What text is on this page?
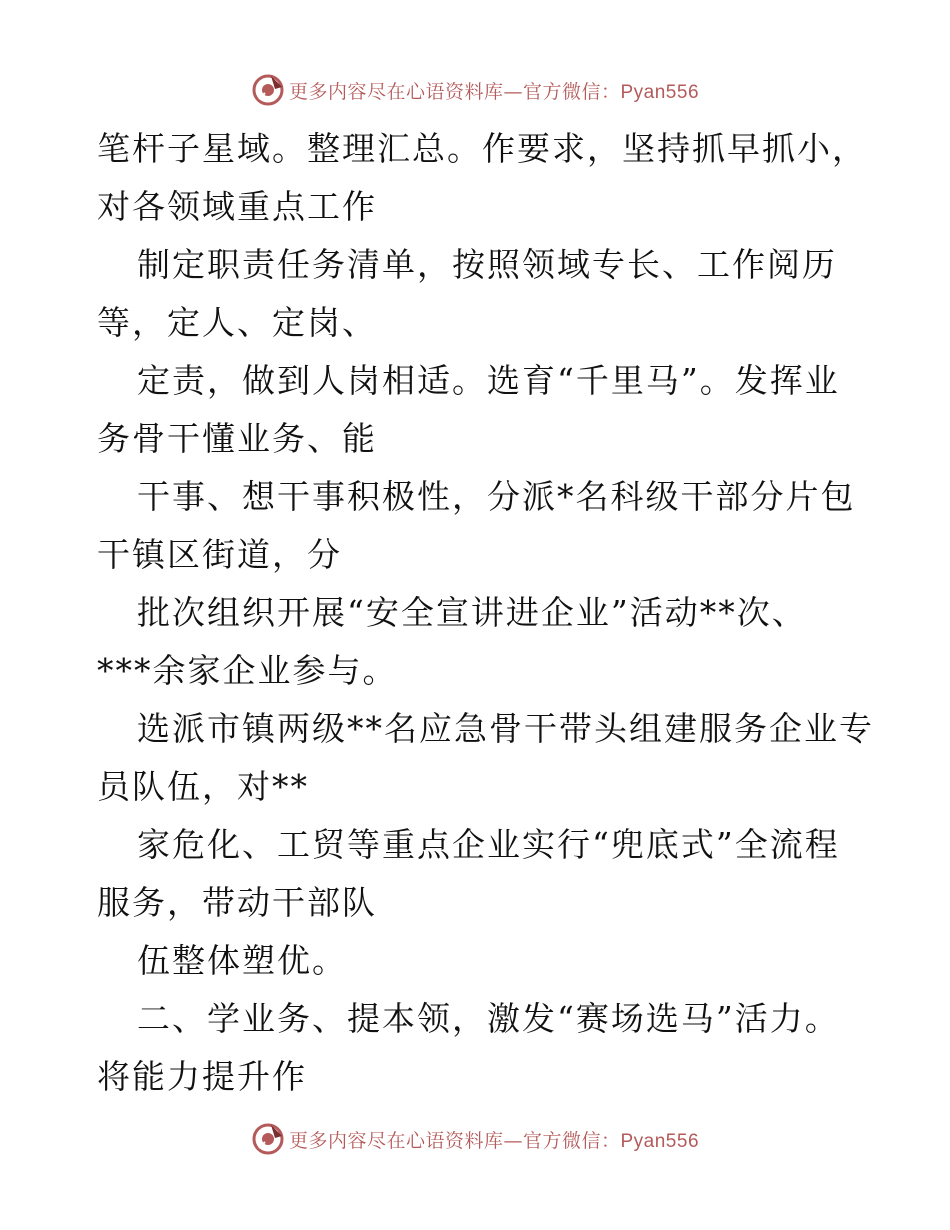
更多内容尽在心语资料库—官方微信：Pyan556
笔杆子星域。整理汇总。作要求，坚持抓早抓小，
对各领域重点工作
制定职责任务清单，按照领域专长、工作阅历
等，定人、定岗、
定责，做到人岗相适。选育“千里马”。发挥业
务骨干懂业务、能
干事、想干事积极性，分派*名科级干部分片包
干镇区街道，分
批次组织开展“安全宣讲进企业”活动**次、
***余家企业参与。
选派市镇两级**名应急骨干带头组建服务企业专
员队伍，对**
家危化、工贸等重点企业实行“兜底式”全流程
服务，带动干部队
伍整体塑优。
二、学业务、提本领，激发“赛场选马”活力。
将能力提升作
更多内容尽在心语资料库—官方微信：Pyan556
